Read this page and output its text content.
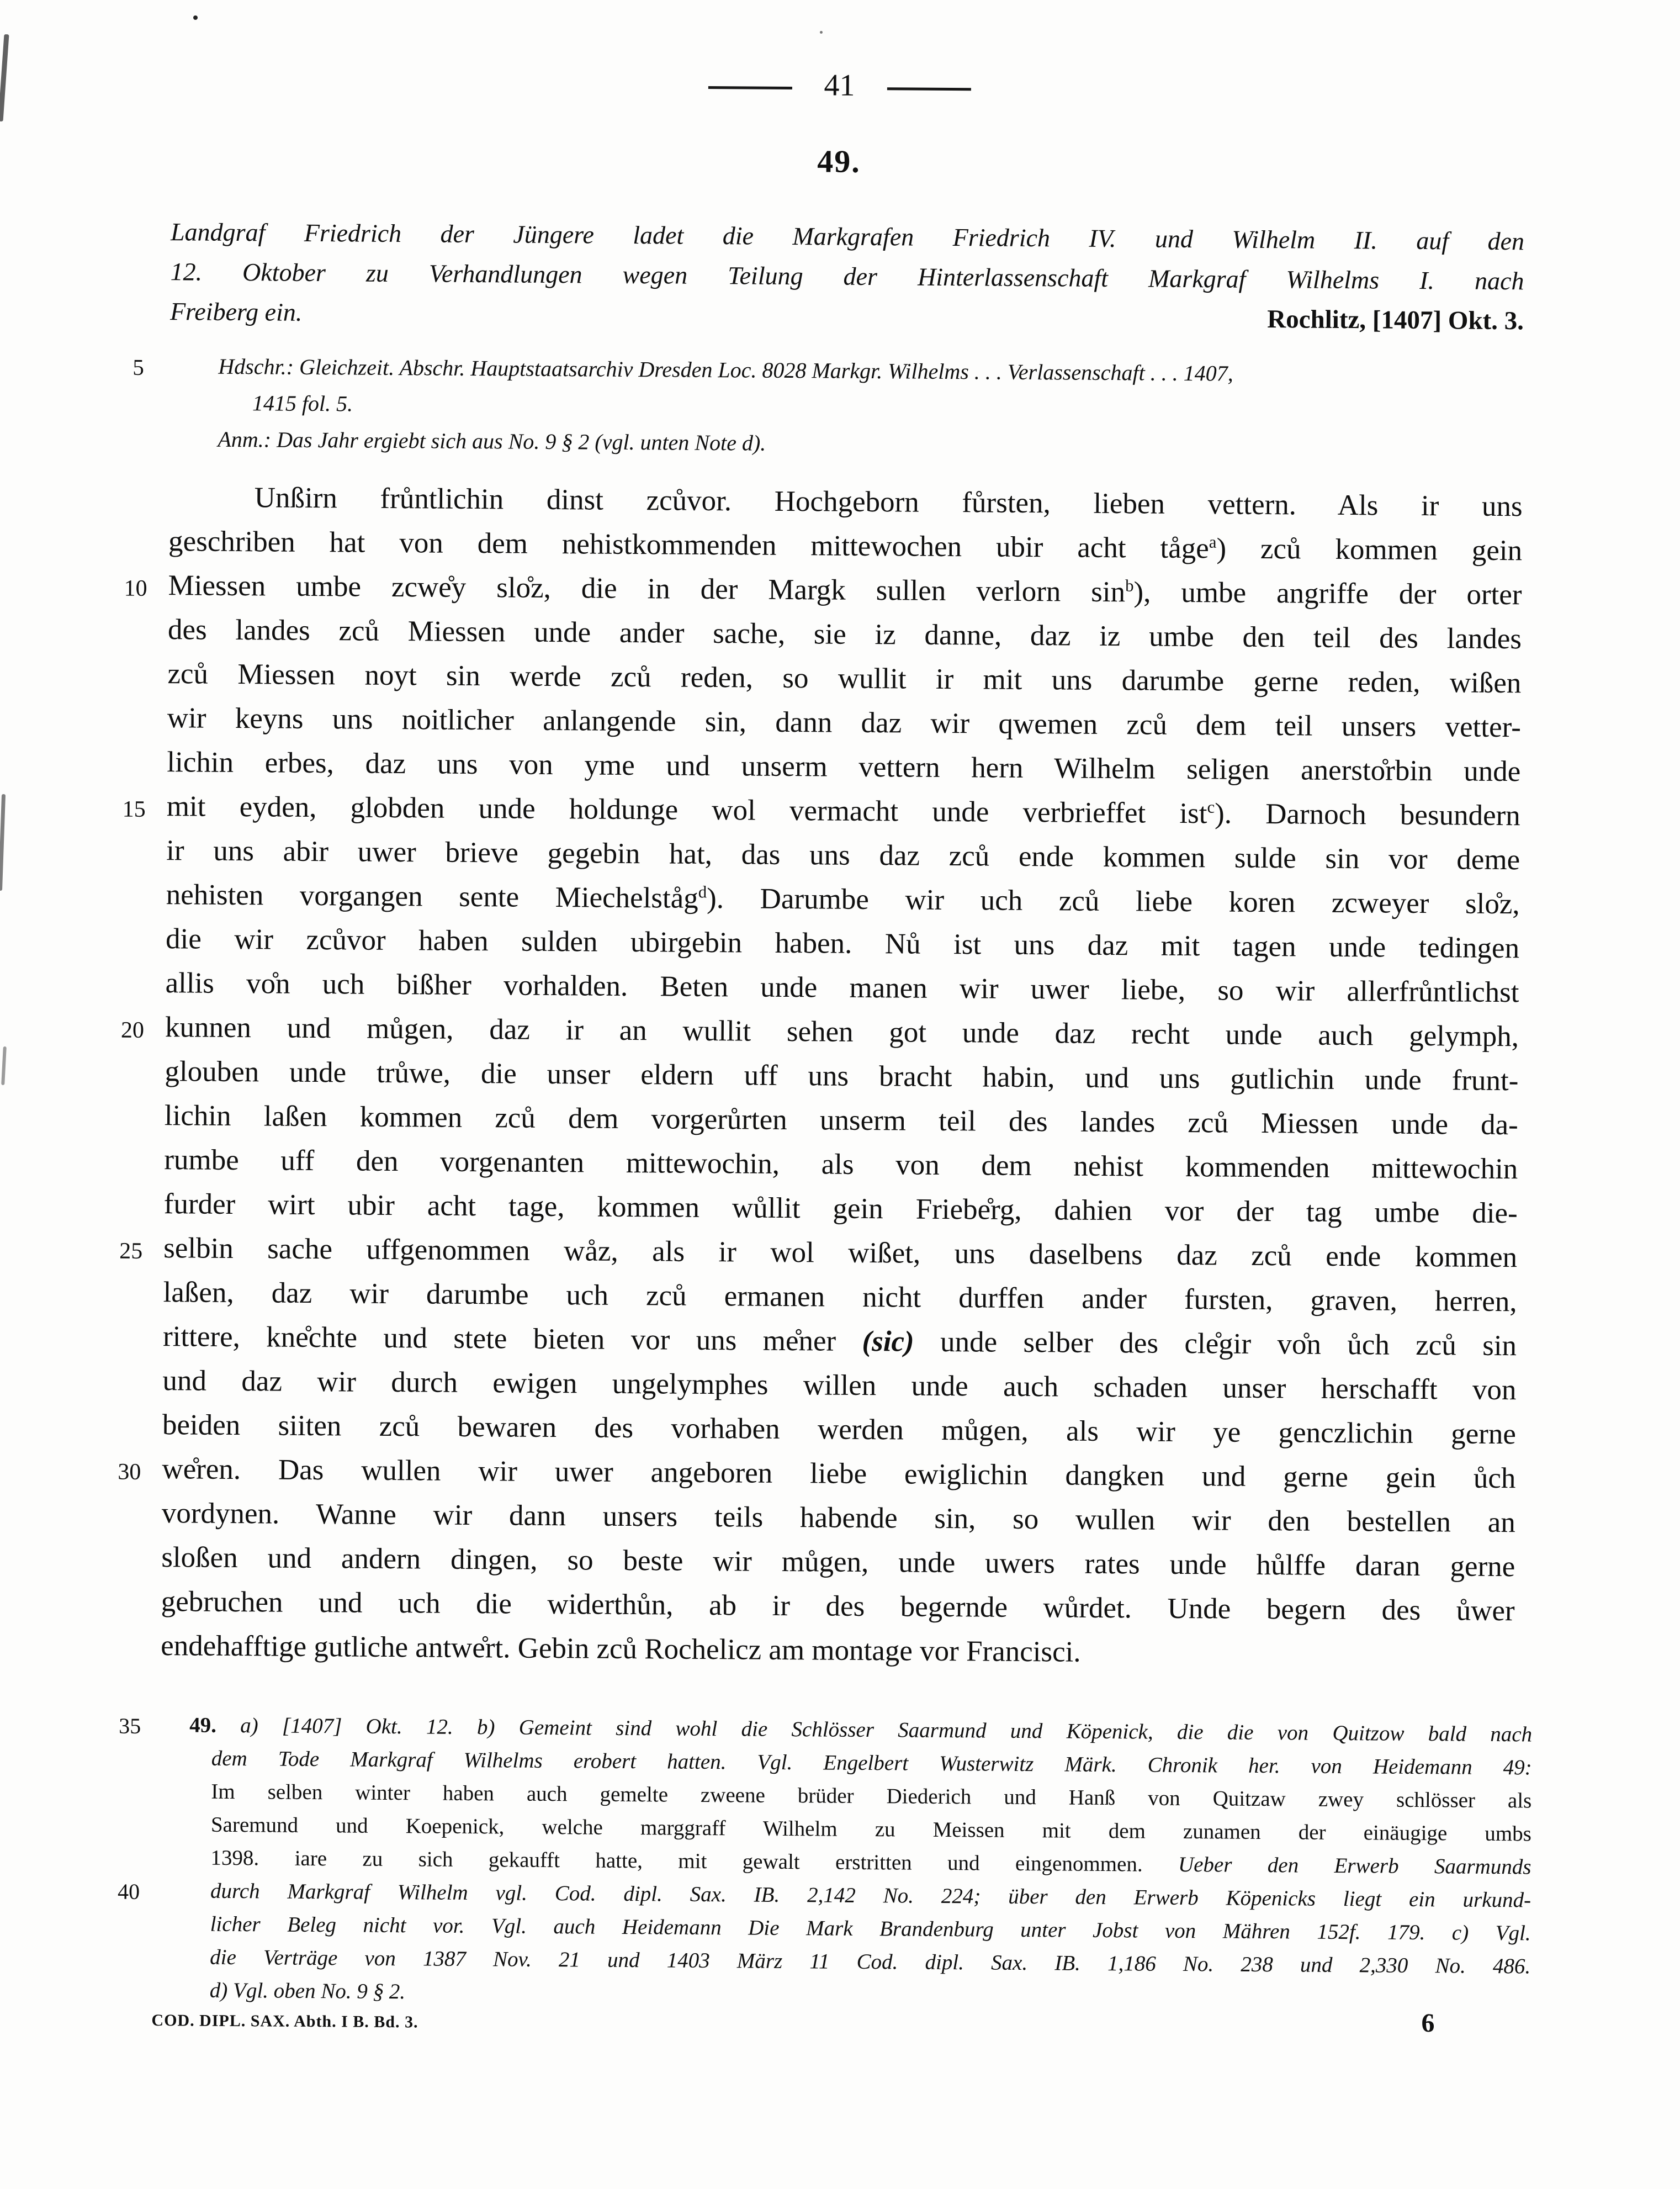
41
49.
Landgraf Friedrich der Jüngere ladet die Markgrafen Friedrich IV. und Wilhelm II. auf den
12. Oktober zu Verhandlungen wegen Teilung der Hinterlassenschaft Markgraf Wilhelms I. nach
Freiberg ein.	Rochlitz, [1407] Okt. 3.
5	Hdschr.: Gleichzeit. Abschr. Hauptstaatsarchiv Dresden Loc. 8028 Markgr. Wilhelms . . . Verlassenschaft . . . 1407,
1415 fol. 5.
Anm.: Das Jahr ergiebt sich aus No. 9 § 2 (vgl. unten Note d).
Unßirn frůntlichin dinst zcůvor. Hochgeborn fůrsten, lieben vettern. Als ir uns
geschriben hat von dem nehistkommenden mittewochen ubir acht tåge$^a$) zců kommen gein
10 Miessen umbe zcwe̊y slo̊z, die in der Margk sullen verlorn $\sin^b$), umbe angriffe der orter
des landes zců Miessen unde ander sache, sie iz danne, daz iz umbe den teil des landes
zců Miessen noyt sin werde zců reden, so wullit ir mit uns darumbe gerne reden, wißen
wir keyns uns noitlicher anlangende sin, dann daz wir qwemen zců dem teil unsers vetter-
lichin erbes, daz uns von yme und unserm vettern hern Wilhelm seligen anersto̊rbin unde
15 mit eyden, globden unde holdunge wol vermacht unde verbrieffet ist$^c$). Darnoch besundern
ir uns abir uwer brieve gegebin hat, das uns daz zců ende kommen sulde sin vor deme
nehisten vorgangen sente Miechelståg$^d$). Darumbe wir uch zců liebe koren zcweyer slo̊z,
die wir zcůvor haben sulden ubirgebin haben. Nů ist uns daz mit tagen unde tedingen
allis vo̊n uch bißher vorhalden. Beten unde manen wir uwer liebe, so wir allerfrůntlichst
20 kunnen und můgen, daz ir an wullit sehen got unde daz recht unde auch gelymph,
glouben unde trůwe, die unser eldern uff uns bracht habin, und uns gutlichin unde frunt-
lichin laßen kommen zců dem vorgerůrten unserm teil des landes zců Miessen unde da-
rumbe uff den vorgenanten mittewochin, als von dem nehist kommenden mittewochin
furder wirt ubir acht tage, kommen wůllit gein Friebe̊rg, dahien vor der tag umbe die-
25 selbin sache uffgenommen wåz, als ir wol wißet, uns daselbens daz zců ende kommen
laßen, daz wir darumbe uch zců ermanen nicht durffen ander fursten, graven, herren,
rittere, kne̊chte und stete bieten vor uns me̊ner (sic) unde selber des cle̊gir vo̊n ůch zců sin
und daz wir durch ewigen ungelymphes willen unde auch schaden unser herschafft von
beiden siiten zců bewaren des vorhaben werden můgen, als wir ye genczlichin gerne
30 we̊ren. Das wullen wir uwer angeboren liebe ewiglichin dangken und gerne gein ůch
vordynen. Wanne wir dann unsers teils habende sin, so wullen wir den bestellen an
sloßen und andern dingen, so beste wir můgen, unde uwers rates unde hůlffe daran gerne
gebruchen und uch die widerthůn, ab ir des begernde wůrdet. Unde begern des ůwer
endehafftige gutliche antwe̊rt. Gebin zců Rochelicz am montage vor Francisci.
35 49. a) [1407] Okt. 12. b) Gemeint sind wohl die Schlösser Saarmund und Köpenick, die die von Quitzow bald nach
dem Tode Markgraf Wilhelms erobert hatten. Vgl. Engelbert Wusterwitz Märk. Chronik her. von Heidemann 49:
Im selben winter haben auch gemelte zweene brüder Diederich und Hanß von Quitzaw zwey schlösser als
Saremund und Koepenick, welche marggraff Wilhelm zu Meissen mit dem zunamen der einäugige umbs
1398. iare zu sich gekaufft hatte, mit gewalt erstritten und eingenommen. Ueber den Erwerb Saarmunds
40	durch Markgraf Wilhelm vgl. Cod. dipl. Sax. IB. 2,142 No. 224; über den Erwerb Köpenicks liegt ein urkund-
licher Beleg nicht vor. Vgl. auch Heidemann Die Mark Brandenburg unter Jobst von Mähren 152f. 179. c) Vgl.
die Verträge von 1387 Nov. 21 und 1403 März 11 Cod. dipl. Sax. IB. 1,186 No. 238 und 2,330 No. 486.
d) Vgl. oben No. 9 § 2.
COD. DIPL. SAX. Abth. I B. Bd. 3.	6
